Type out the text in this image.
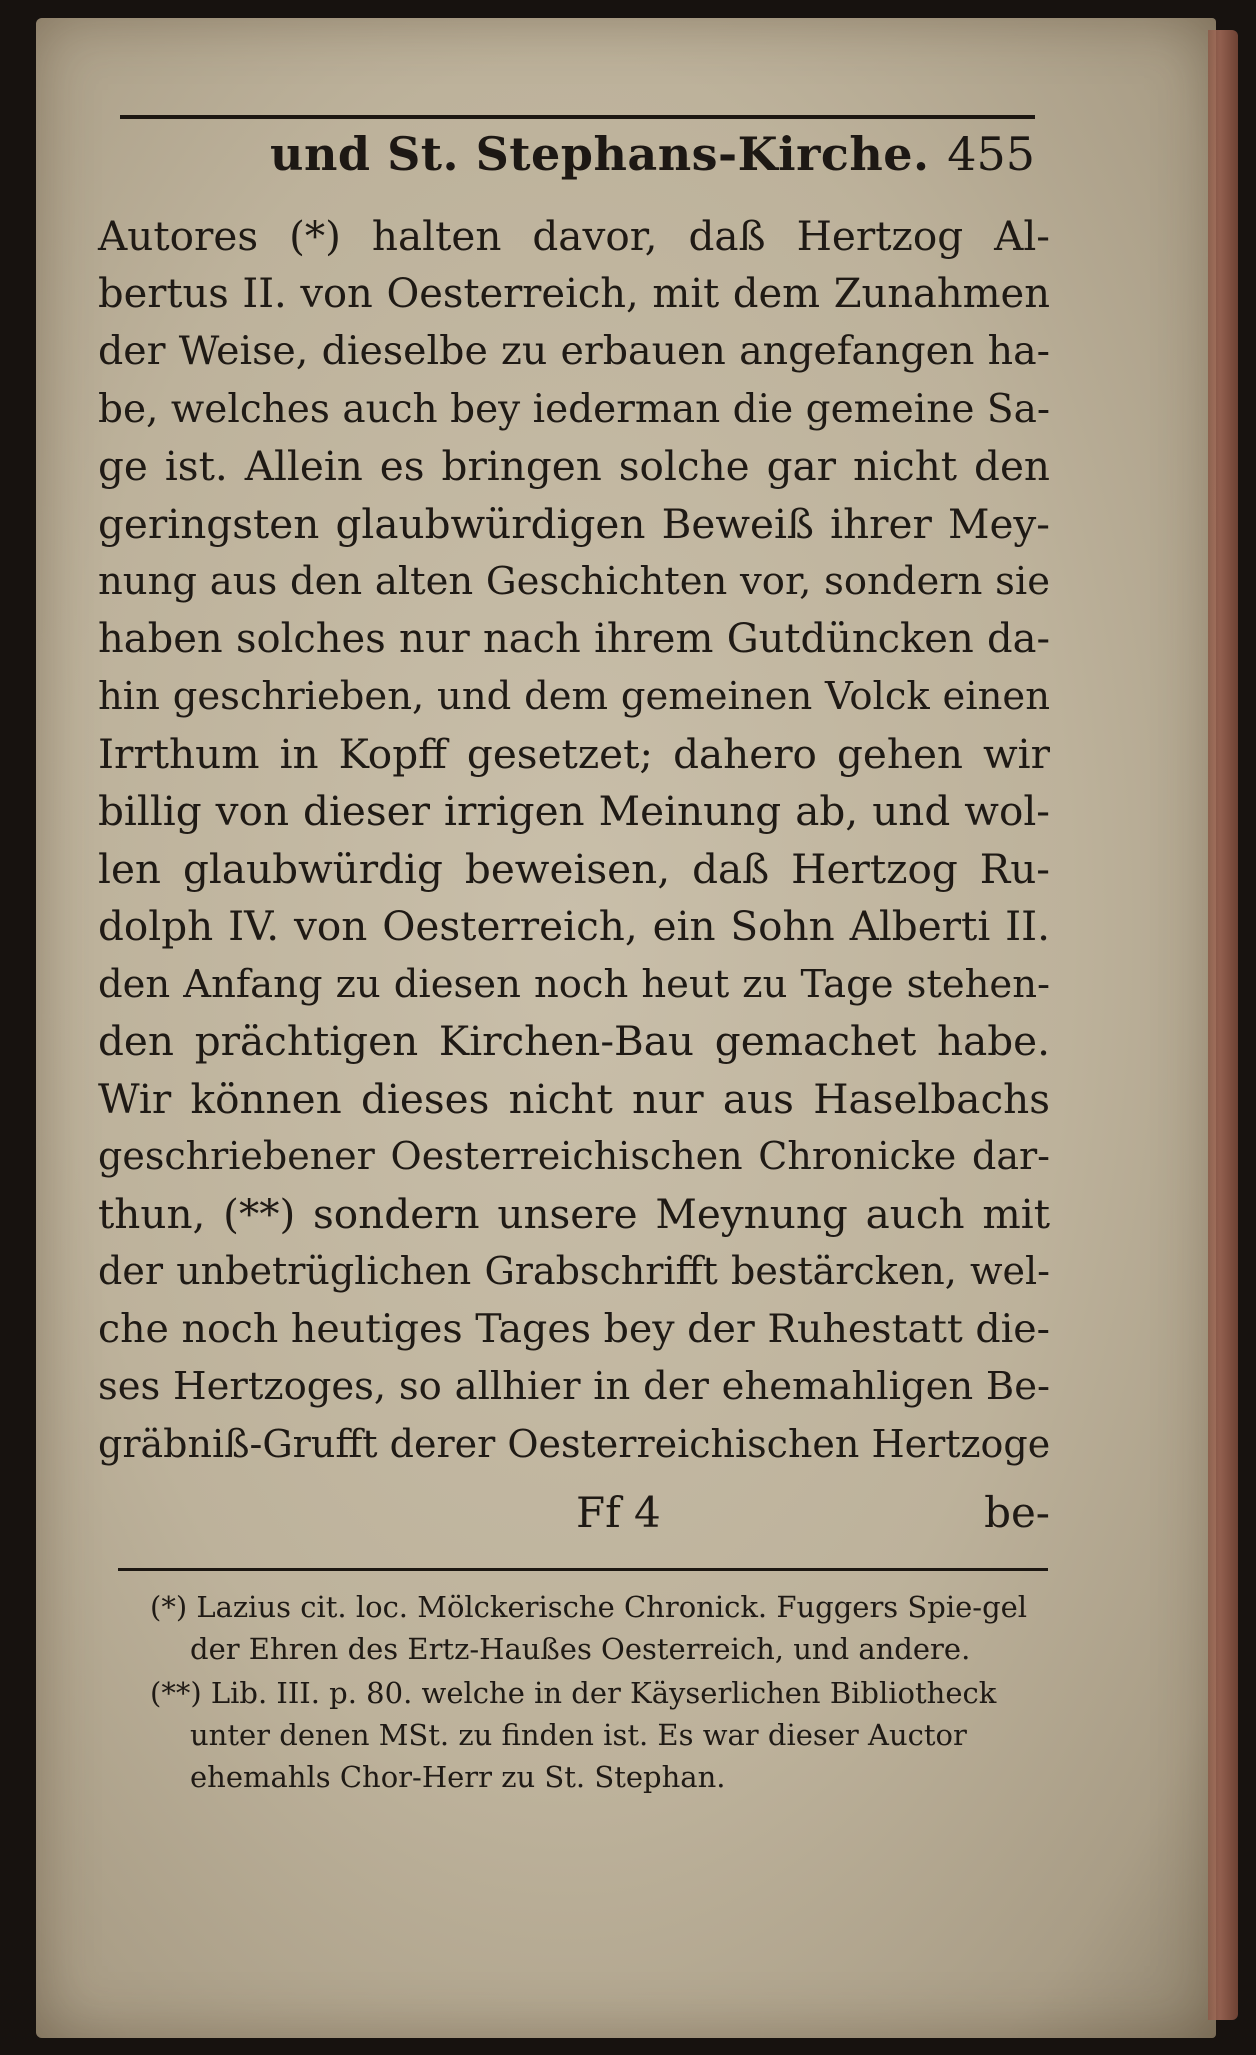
und St. Stephans-Kirche. 455
Autores (*) halten davor, daß Hertzog Al-
bertus II. von Oesterreich, mit dem Zunahmen
der Weise, dieselbe zu erbauen angefangen ha-
be, welches auch bey iederman die gemeine Sa-
ge ist. Allein es bringen solche gar nicht den
geringsten glaubwürdigen Beweiß ihrer Mey-
nung aus den alten Geschichten vor, sondern sie
haben solches nur nach ihrem Gutdüncken da-
hin geschrieben, und dem gemeinen Volck einen
Irrthum in Kopff gesetzet; dahero gehen wir
billig von dieser irrigen Meinung ab, und wol-
len glaubwürdig beweisen, daß Hertzog Ru-
dolph IV. von Oesterreich, ein Sohn Alberti II.
den Anfang zu diesen noch heut zu Tage stehen-
den prächtigen Kirchen-Bau gemachet habe.
Wir können dieses nicht nur aus Haselbachs
geschriebener Oesterreichischen Chronicke dar-
thun, (**) sondern unsere Meynung auch mit
der unbetrüglichen Grabschrifft bestärcken, wel-
che noch heutiges Tages bey der Ruhestatt die-
ses Hertzoges, so allhier in der ehemahligen Be-
gräbniß-Grufft derer Oesterreichischen Hertzoge
Ff 4	be-
(*) Lazius cit. loc. Mölckerische Chronick. Fuggers Spie-gel der Ehren des Ertz-Haußes Oesterreich, und andere.
(**) Lib. III. p. 80. welche in der Käyserlichen Bibliotheck unter denen MSt. zu finden ist. Es war dieser Auctor ehemahls Chor-Herr zu St. Stephan.
